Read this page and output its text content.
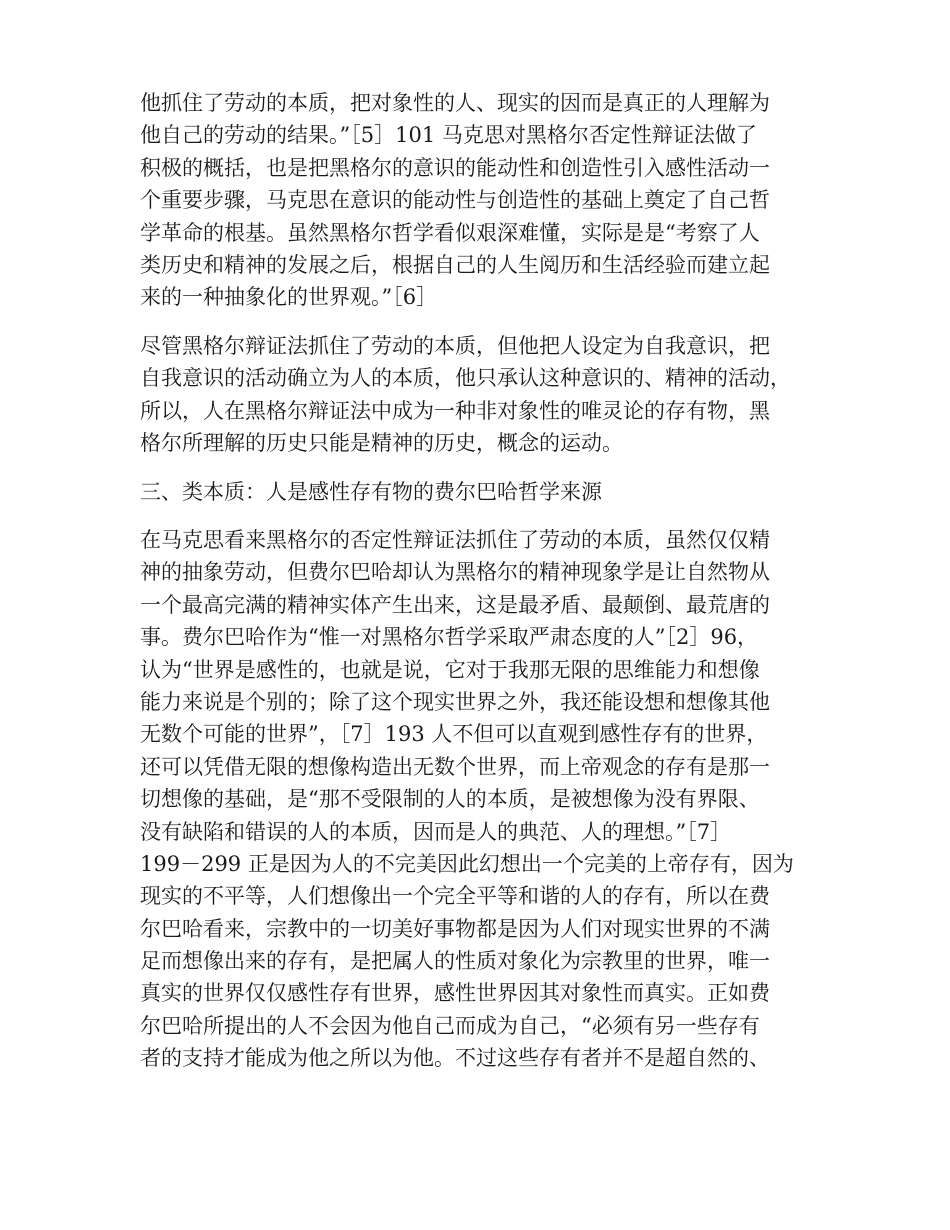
他抓住了劳动的本质，把对象性的人、现实的因而是真正的人理解为
他自己的劳动的结果。”［5］101 马克思对黑格尔否定性辩证法做了
积极的概括，也是把黑格尔的意识的能动性和创造性引入感性活动一
个重要步骤，马克思在意识的能动性与创造性的基础上奠定了自己哲
学革命的根基。虽然黑格尔哲学看似艰深难懂，实际是是“考察了人
类历史和精神的发展之后，根据自己的人生阅历和生活经验而建立起
来的一种抽象化的世界观。”［6］
尽管黑格尔辩证法抓住了劳动的本质，但他把人设定为自我意识，把
自我意识的活动确立为人的本质，他只承认这种意识的、精神的活动，
所以，人在黑格尔辩证法中成为一种非对象性的唯灵论的存有物，黑
格尔所理解的历史只能是精神的历史，概念的运动。
三、类本质：人是感性存有物的费尔巴哈哲学来源
在马克思看来黑格尔的否定性辩证法抓住了劳动的本质，虽然仅仅精
神的抽象劳动，但费尔巴哈却认为黑格尔的精神现象学是让自然物从
一个最高完满的精神实体产生出来，这是最矛盾、最颠倒、最荒唐的
事。费尔巴哈作为“惟一对黑格尔哲学采取严肃态度的人”［2］96，
认为“世界是感性的，也就是说，它对于我那无限的思维能力和想像
能力来说是个别的；除了这个现实世界之外，我还能设想和想像其他
无数个可能的世界”，［7］193 人不但可以直观到感性存有的世界，
还可以凭借无限的想像构造出无数个世界，而上帝观念的存有是那一
切想像的基础，是“那不受限制的人的本质，是被想像为没有界限、
没有缺陷和错误的人的本质，因而是人的典范、人的理想。”［7］
199－299 正是因为人的不完美因此幻想出一个完美的上帝存有，因为
现实的不平等，人们想像出一个完全平等和谐的人的存有，所以在费
尔巴哈看来，宗教中的一切美好事物都是因为人们对现实世界的不满
足而想像出来的存有，是把属人的性质对象化为宗教里的世界，唯一
真实的世界仅仅感性存有世界，感性世界因其对象性而真实。正如费
尔巴哈所提出的人不会因为他自己而成为自己，“必须有另一些存有
者的支持才能成为他之所以为他。不过这些存有者并不是超自然的、
